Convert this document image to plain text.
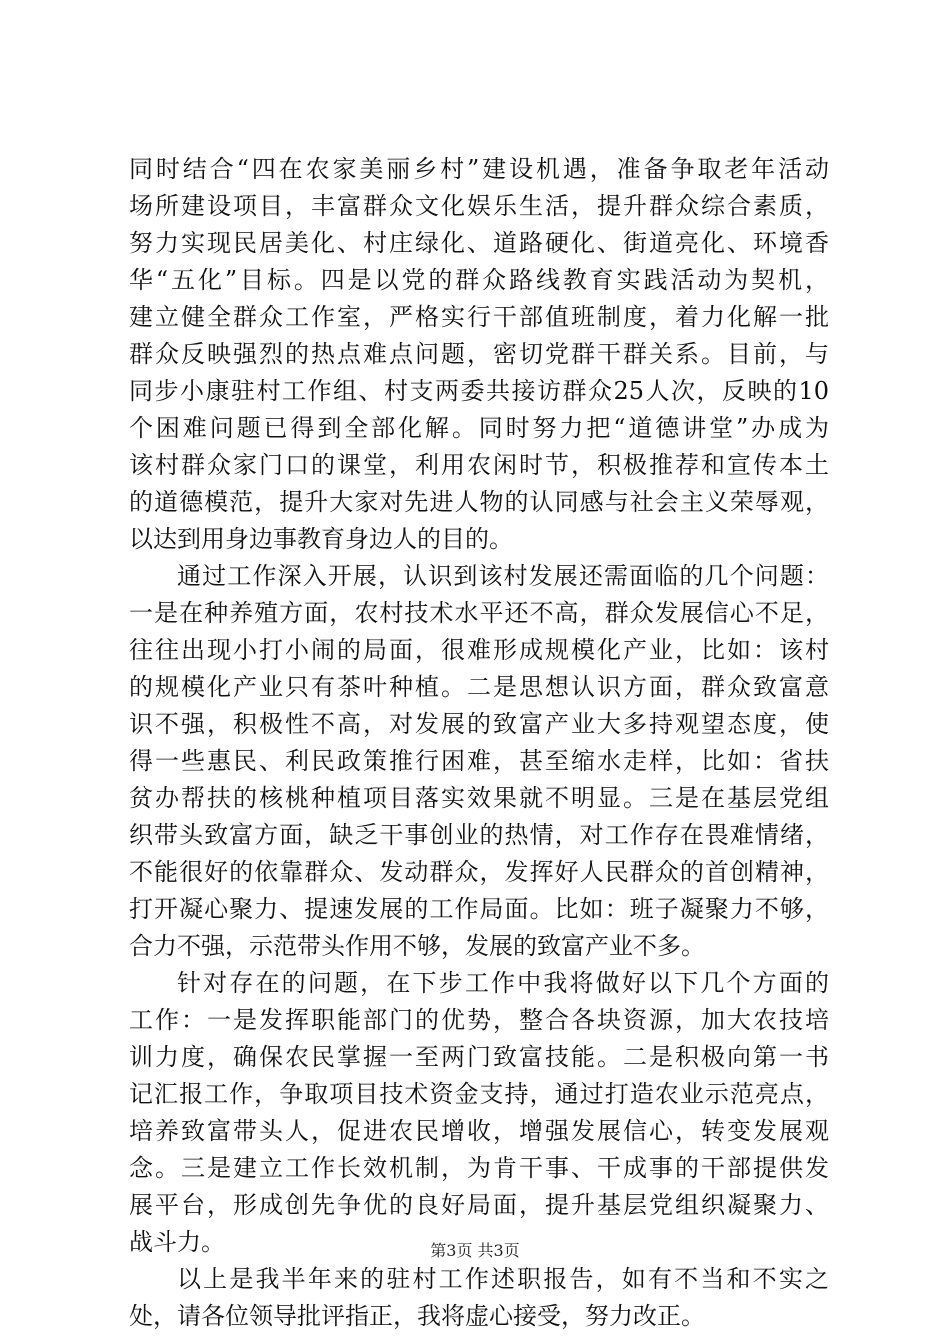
同时结合“四在农家美丽乡村”建设机遇，准备争取老年活动
场所建设项目，丰富群众文化娱乐生活，提升群众综合素质，
努力实现民居美化、村庄绿化、道路硬化、街道亮化、环境香
华“五化”目标。四是以党的群众路线教育实践活动为契机，
建立健全群众工作室，严格实行干部值班制度，着力化解一批
群众反映强烈的热点难点问题，密切党群干群关系。目前，与
同步小康驻村工作组、村支两委共接访群众25人次，反映的10
个困难问题已得到全部化解。同时努力把“道德讲堂”办成为
该村群众家门口的课堂，利用农闲时节，积极推荐和宣传本土
的道德模范，提升大家对先进人物的认同感与社会主义荣辱观，
以达到用身边事教育身边人的目的。
通过工作深入开展，认识到该村发展还需面临的几个问题：
一是在种养殖方面，农村技术水平还不高，群众发展信心不足，
往往出现小打小闹的局面，很难形成规模化产业，比如：该村
的规模化产业只有茶叶种植。二是思想认识方面，群众致富意
识不强，积极性不高，对发展的致富产业大多持观望态度，使
得一些惠民、利民政策推行困难，甚至缩水走样，比如：省扶
贫办帮扶的核桃种植项目落实效果就不明显。三是在基层党组
织带头致富方面，缺乏干事创业的热情，对工作存在畏难情绪，
不能很好的依靠群众、发动群众，发挥好人民群众的首创精神，
打开凝心聚力、提速发展的工作局面。比如：班子凝聚力不够，
合力不强，示范带头作用不够，发展的致富产业不多。
针对存在的问题，在下步工作中我将做好以下几个方面的
工作：一是发挥职能部门的优势，整合各块资源，加大农技培
训力度，确保农民掌握一至两门致富技能。二是积极向第一书
记汇报工作，争取项目技术资金支持，通过打造农业示范亮点，
培养致富带头人，促进农民增收，增强发展信心，转变发展观
念。三是建立工作长效机制，为肯干事、干成事的干部提供发
展平台，形成创先争优的良好局面，提升基层党组织凝聚力、
战斗力。
以上是我半年来的驻村工作述职报告，如有不当和不实之
处，请各位领导批评指正，我将虚心接受，努力改正。
第3页 共3页
